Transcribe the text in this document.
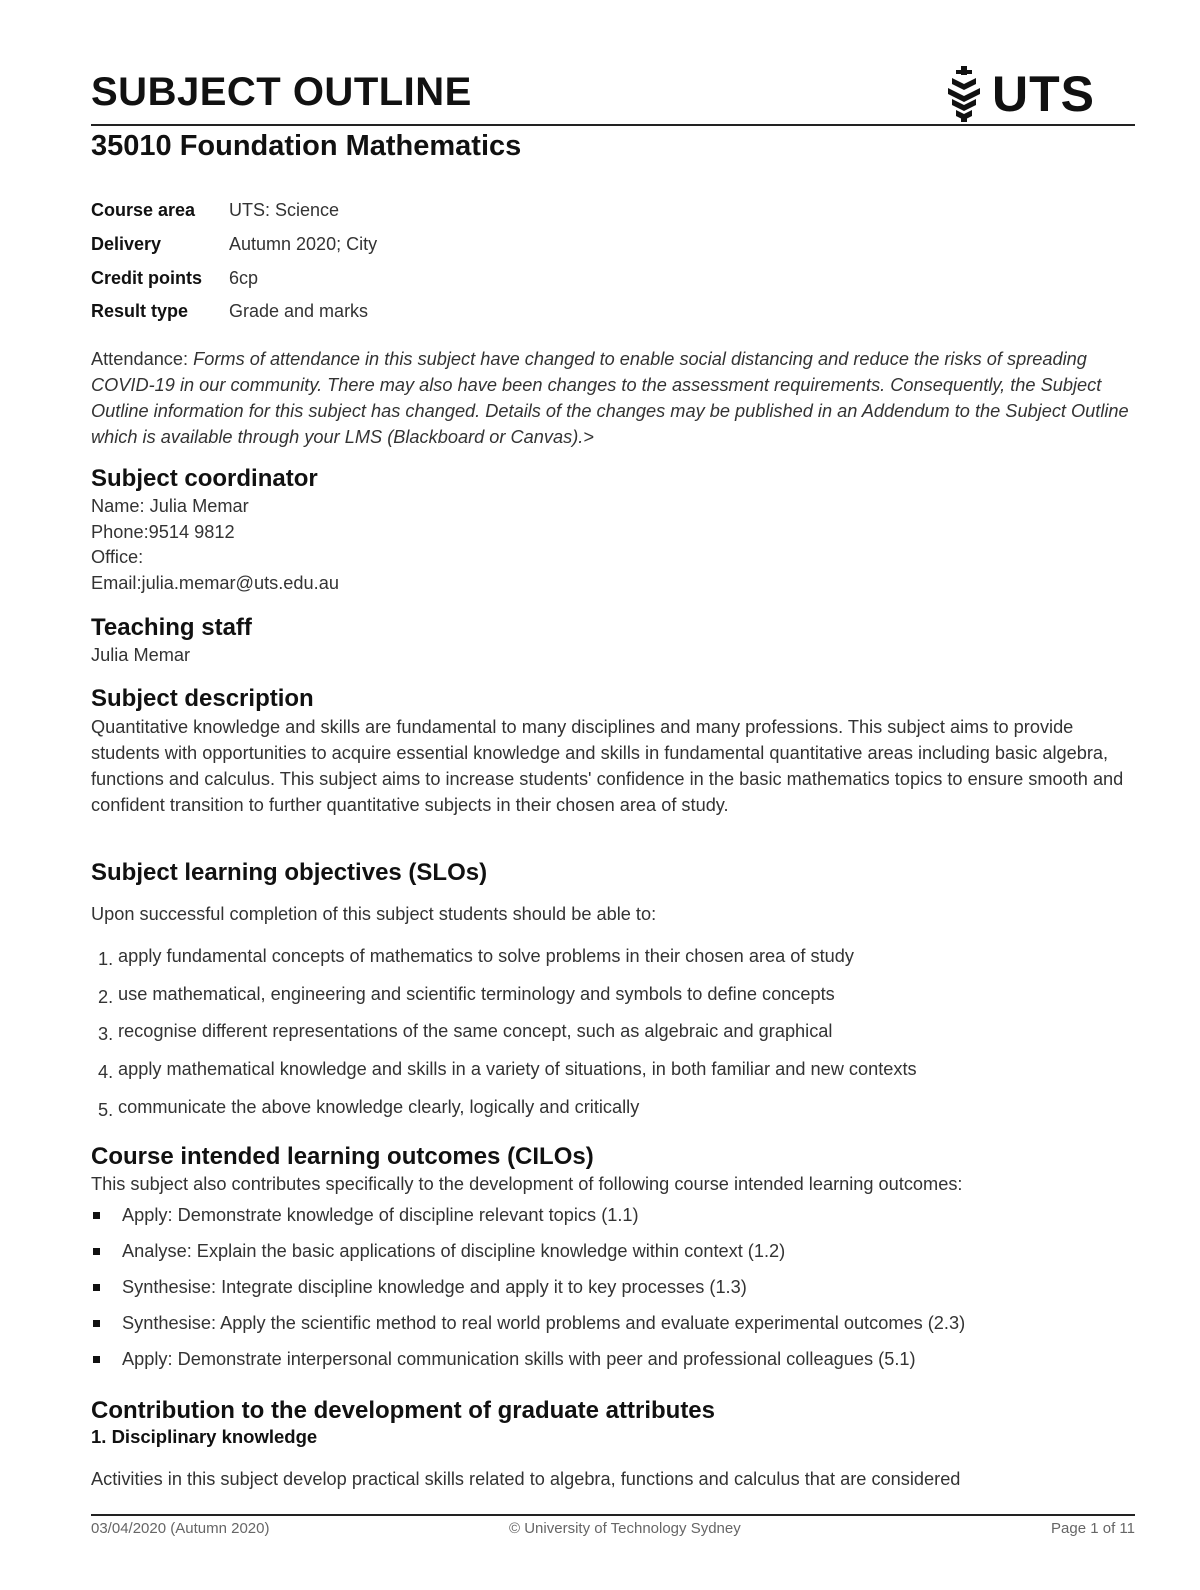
SUBJECT OUTLINE	UTS
35010 Foundation Mathematics
Course area	UTS: Science
Delivery	Autumn 2020; City
Credit points	6cp
Result type	Grade and marks
Attendance: Forms of attendance in this subject have changed to enable social distancing and reduce the risks of spreading COVID-19 in our community. There may also have been changes to the assessment requirements. Consequently, the Subject Outline information for this subject has changed. Details of the changes may be published in an Addendum to the Subject Outline which is available through your LMS (Blackboard or Canvas).>
Subject coordinator
Name: Julia Memar
Phone:9514 9812
Office:
Email:julia.memar@uts.edu.au
Teaching staff
Julia Memar
Subject description
Quantitative knowledge and skills are fundamental to many disciplines and many professions. This subject aims to provide students with opportunities to acquire essential knowledge and skills in fundamental quantitative areas including basic algebra, functions and calculus. This subject aims to increase students' confidence in the basic mathematics topics to ensure smooth and confident transition to further quantitative subjects in their chosen area of study.
Subject learning objectives (SLOs)
Upon successful completion of this subject students should be able to:
1. apply fundamental concepts of mathematics to solve problems in their chosen area of study
2. use mathematical, engineering and scientific terminology and symbols to define concepts
3. recognise different representations of the same concept, such as algebraic and graphical
4. apply mathematical knowledge and skills in a variety of situations, in both familiar and new contexts
5. communicate the above knowledge clearly, logically and critically
Course intended learning outcomes (CILOs)
This subject also contributes specifically to the development of following course intended learning outcomes:
Apply: Demonstrate knowledge of discipline relevant topics (1.1)
Analyse: Explain the basic applications of discipline knowledge within context (1.2)
Synthesise: Integrate discipline knowledge and apply it to key processes (1.3)
Synthesise: Apply the scientific method to real world problems and evaluate experimental outcomes (2.3)
Apply: Demonstrate interpersonal communication skills with peer and professional colleagues (5.1)
Contribution to the development of graduate attributes
1. Disciplinary knowledge
Activities in this subject develop practical skills related to algebra, functions and calculus that are considered
03/04/2020 (Autumn 2020)	© University of Technology Sydney	Page 1 of 11
